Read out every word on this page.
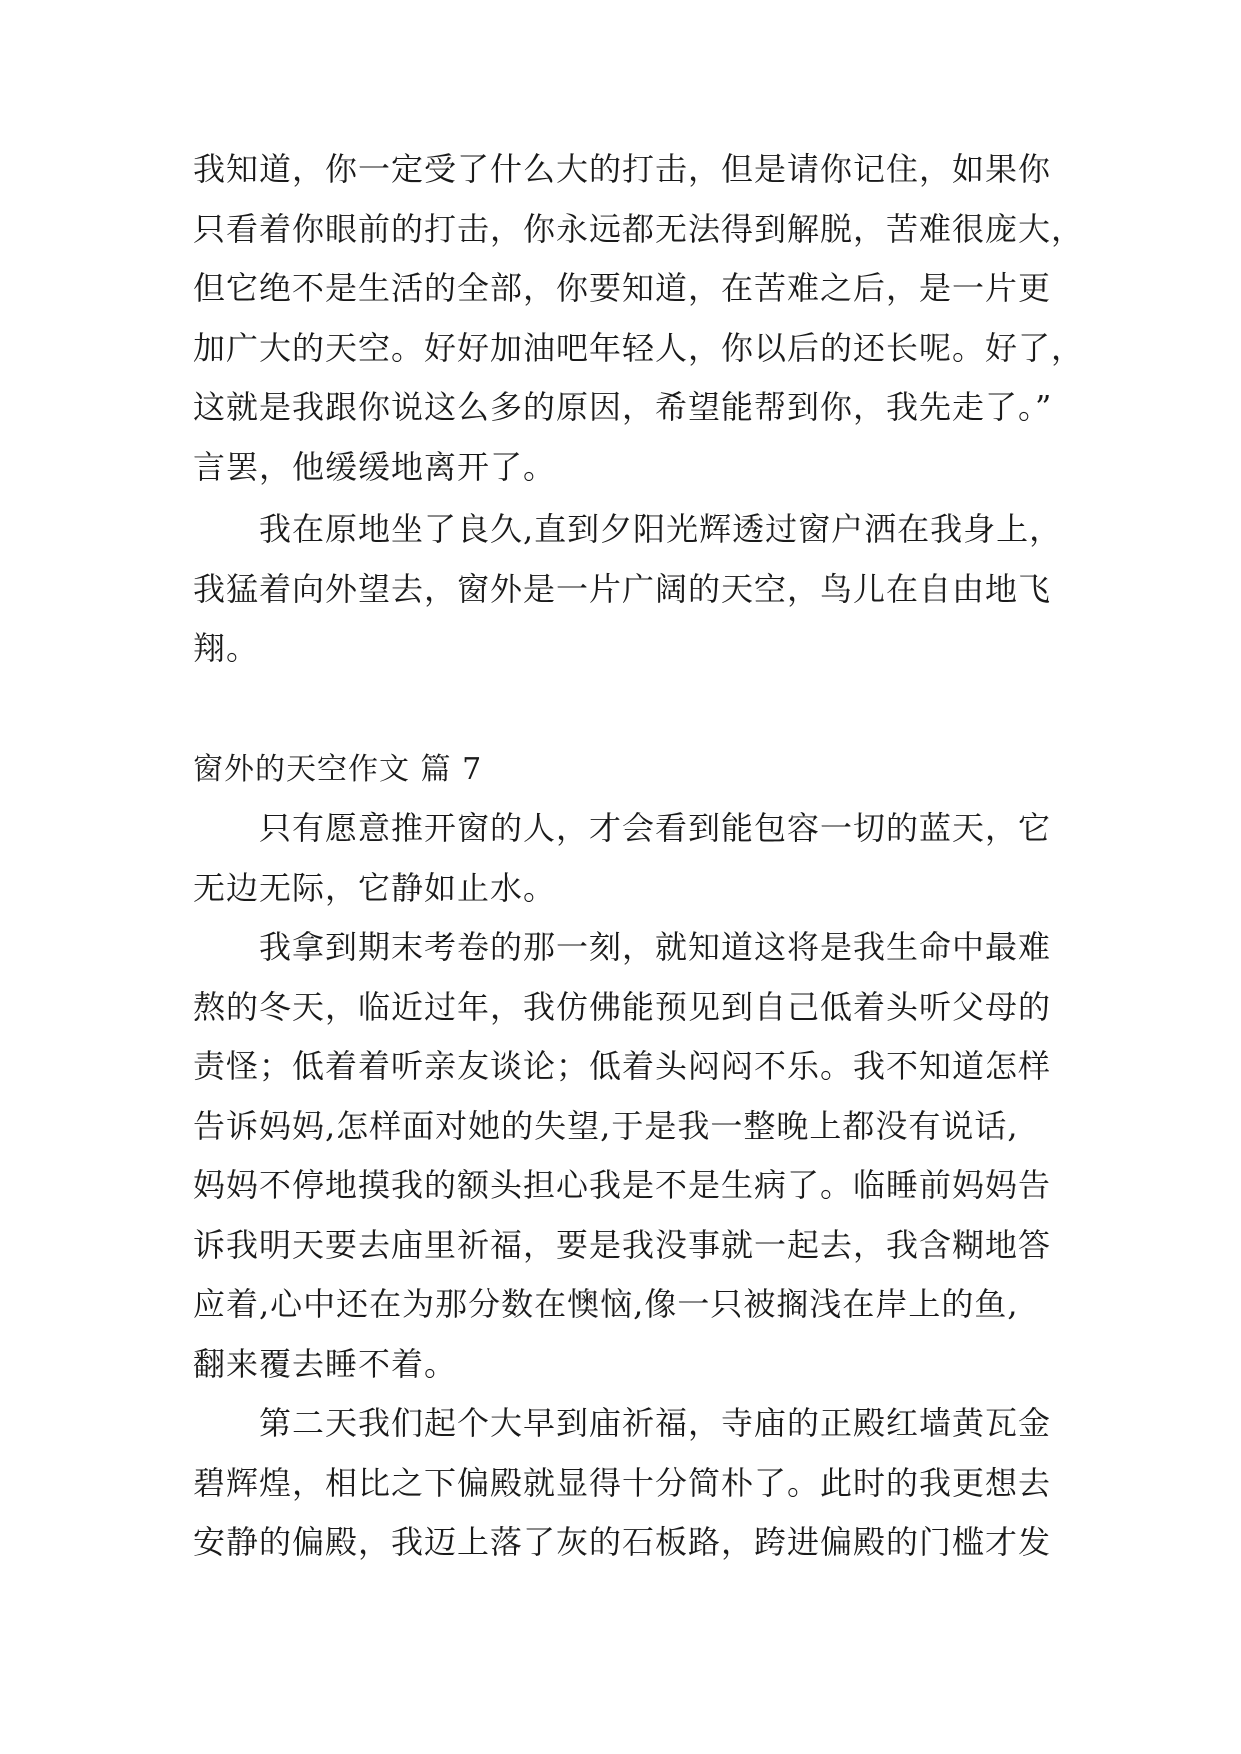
我知道，你一定受了什么大的打击，但是请你记住，如果你
只看着你眼前的打击，你永远都无法得到解脱，苦难很庞大，
但它绝不是生活的全部，你要知道，在苦难之后，是一片更
加广大的天空。好好加油吧年轻人，你以后的还长呢。好了，
这就是我跟你说这么多的原因，希望能帮到你，我先走了。”
言罢，他缓缓地离开了。
我在原地坐了良久,直到夕阳光辉透过窗户洒在我身上，
我猛着向外望去，窗外是一片广阔的天空，鸟儿在自由地飞
翔。
窗外的天空作文 篇 7
只有愿意推开窗的人，才会看到能包容一切的蓝天，它
无边无际，它静如止水。
我拿到期末考卷的那一刻，就知道这将是我生命中最难
熬的冬天，临近过年，我仿佛能预见到自己低着头听父母的
责怪；低着着听亲友谈论；低着头闷闷不乐。我不知道怎样
告诉妈妈,怎样面对她的失望,于是我一整晚上都没有说话,
妈妈不停地摸我的额头担心我是不是生病了。临睡前妈妈告
诉我明天要去庙里祈福，要是我没事就一起去，我含糊地答
应着,心中还在为那分数在懊恼,像一只被搁浅在岸上的鱼,
翻来覆去睡不着。
第二天我们起个大早到庙祈福，寺庙的正殿红墙黄瓦金
碧辉煌，相比之下偏殿就显得十分简朴了。此时的我更想去
安静的偏殿，我迈上落了灰的石板路，跨进偏殿的门槛才发
